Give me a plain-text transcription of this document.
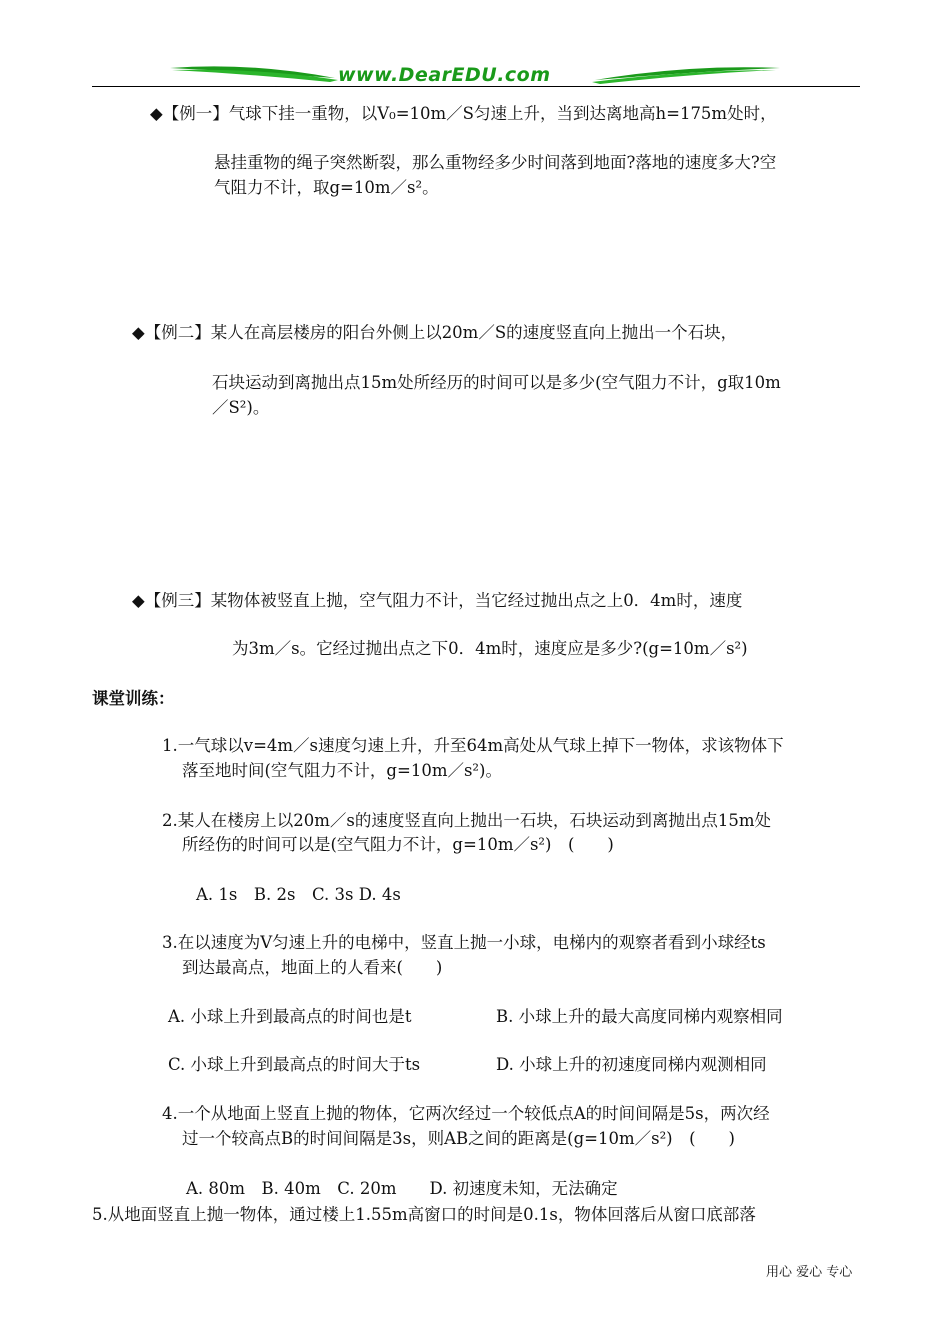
www.DearEDU.com
◆【例一】气球下挂一重物，以V₀=10m／S匀速上升，当到达离地高h=175m处时，
悬挂重物的绳子突然断裂，那么重物经多少时间落到地面?落地的速度多大?空
气阻力不计，取g=10m／s²。
◆【例二】某人在高层楼房的阳台外侧上以20m／S的速度竖直向上抛出一个石块，
石块运动到离抛出点15m处所经历的时间可以是多少(空气阻力不计，g取10m
／S²)。
◆【例三】某物体被竖直上抛，空气阻力不计，当它经过抛出点之上0．4m时，速度
为3m／s。它经过抛出点之下0．4m时，速度应是多少?(g=10m／s²)
课堂训练：
1.一气球以v=4m／s速度匀速上升，升至64m高处从气球上掉下一物体，求该物体下
落至地时间(空气阻力不计，g=10m／s²)。
2.某人在楼房上以20m／s的速度竖直向上抛出一石块，石块运动到离抛出点15m处
所经伤的时间可以是(空气阻力不计，g=10m／s²)　(　　)
A. 1s　B. 2s　C. 3s D. 4s
3.在以速度为V匀速上升的电梯中，竖直上抛一小球，电梯内的观察者看到小球经ts
到达最高点，地面上的人看来(　　)
A. 小球上升到最高点的时间也是t	B. 小球上升的最大高度同梯内观察相同
C. 小球上升到最高点的时间大于ts	D. 小球上升的初速度同梯内观测相同
4.一个从地面上竖直上抛的物体，它两次经过一个较低点A的时间间隔是5s，两次经
过一个较高点B的时间间隔是3s，则AB之间的距离是(g=10m／s²)　(　　)
A. 80m　B. 40m　C. 20m　　D. 初速度未知，无法确定
5.从地面竖直上抛一物体，通过楼上1.55m高窗口的时间是0.1s，物体回落后从窗口底部落
用心 爱心 专心
